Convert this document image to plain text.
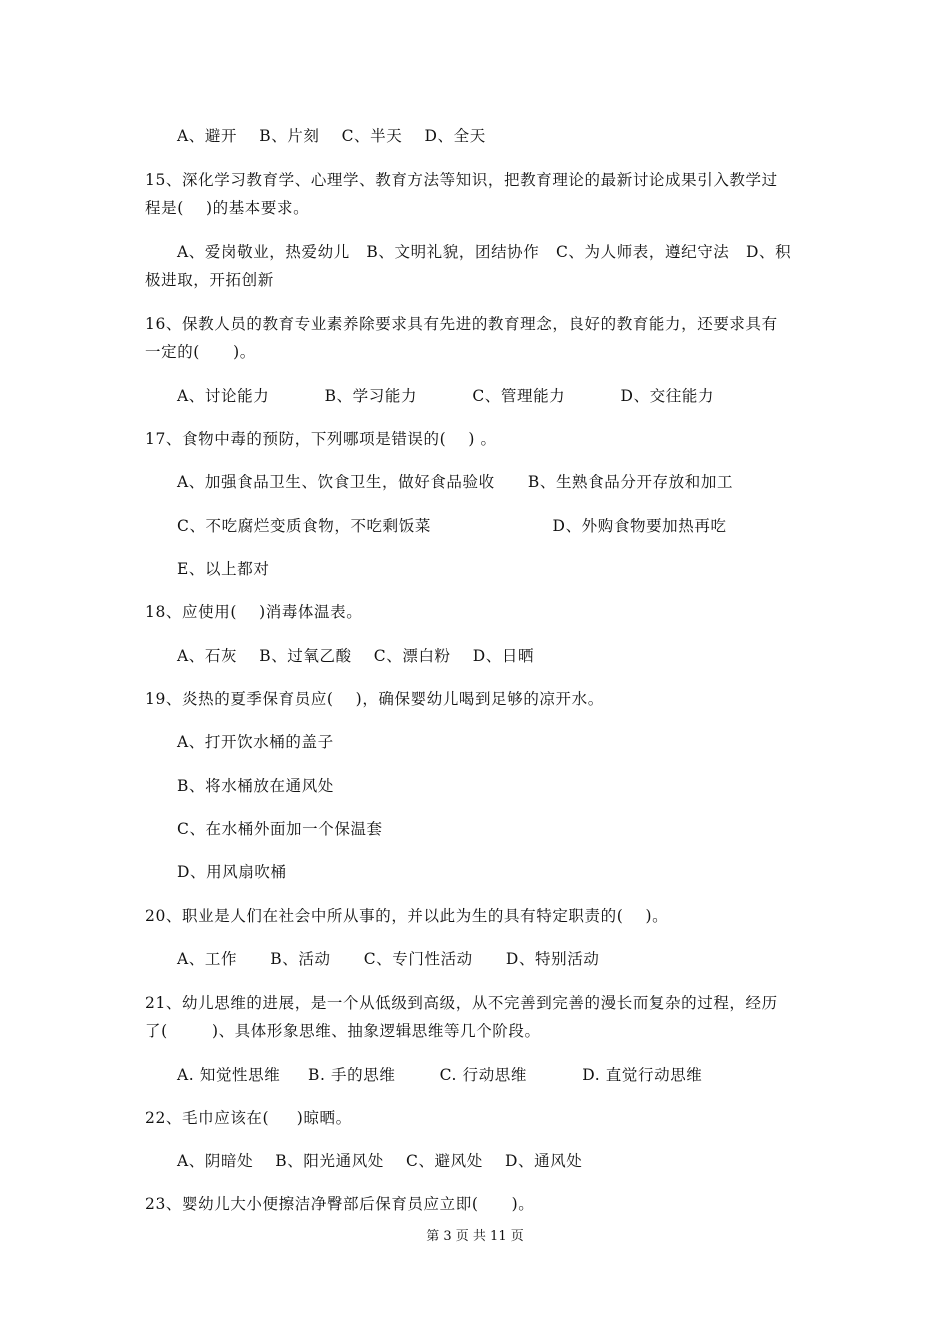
A、避开    B、片刻    C、半天    D、全天
15、深化学习教育学、心理学、教育方法等知识，把教育理论的最新讨论成果引入教学过
程是(    )的基本要求。
A、爱岗敬业，热爱幼儿   B、文明礼貌，团结协作   C、为人师表，遵纪守法   D、积
极进取，开拓创新
16、保教人员的教育专业素养除要求具有先进的教育理念，良好的教育能力，还要求具有
一定的(      )。
A、讨论能力          B、学习能力          C、管理能力          D、交往能力
17、食物中毒的预防，下列哪项是错误的(    ) 。
A、加强食品卫生、饮食卫生，做好食品验收      B、生熟食品分开存放和加工
C、不吃腐烂变质食物，不吃剩饭菜                      D、外购食物要加热再吃
E、以上都对
18、应使用(    )消毒体温表。
A、石灰    B、过氧乙酸    C、漂白粉    D、日晒
19、炎热的夏季保育员应(    )，确保婴幼儿喝到足够的凉开水。
A、打开饮水桶的盖子
B、将水桶放在通风处
C、在水桶外面加一个保温套
D、用风扇吹桶
20、职业是人们在社会中所从事的，并以此为生的具有特定职责的(    )。
A、工作      B、活动      C、专门性活动      D、特别活动
21、幼儿思维的进展，是一个从低级到高级，从不完善到完善的漫长而复杂的过程，经历
了(        )、具体形象思维、抽象逻辑思维等几个阶段。
A. 知觉性思维     B. 手的思维        C. 行动思维          D. 直觉行动思维
22、毛巾应该在(     )晾晒。
A、阴暗处    B、阳光通风处    C、避风处    D、通风处
23、婴幼儿大小便擦洁净臀部后保育员应立即(      )。
第 3 页 共 11 页
